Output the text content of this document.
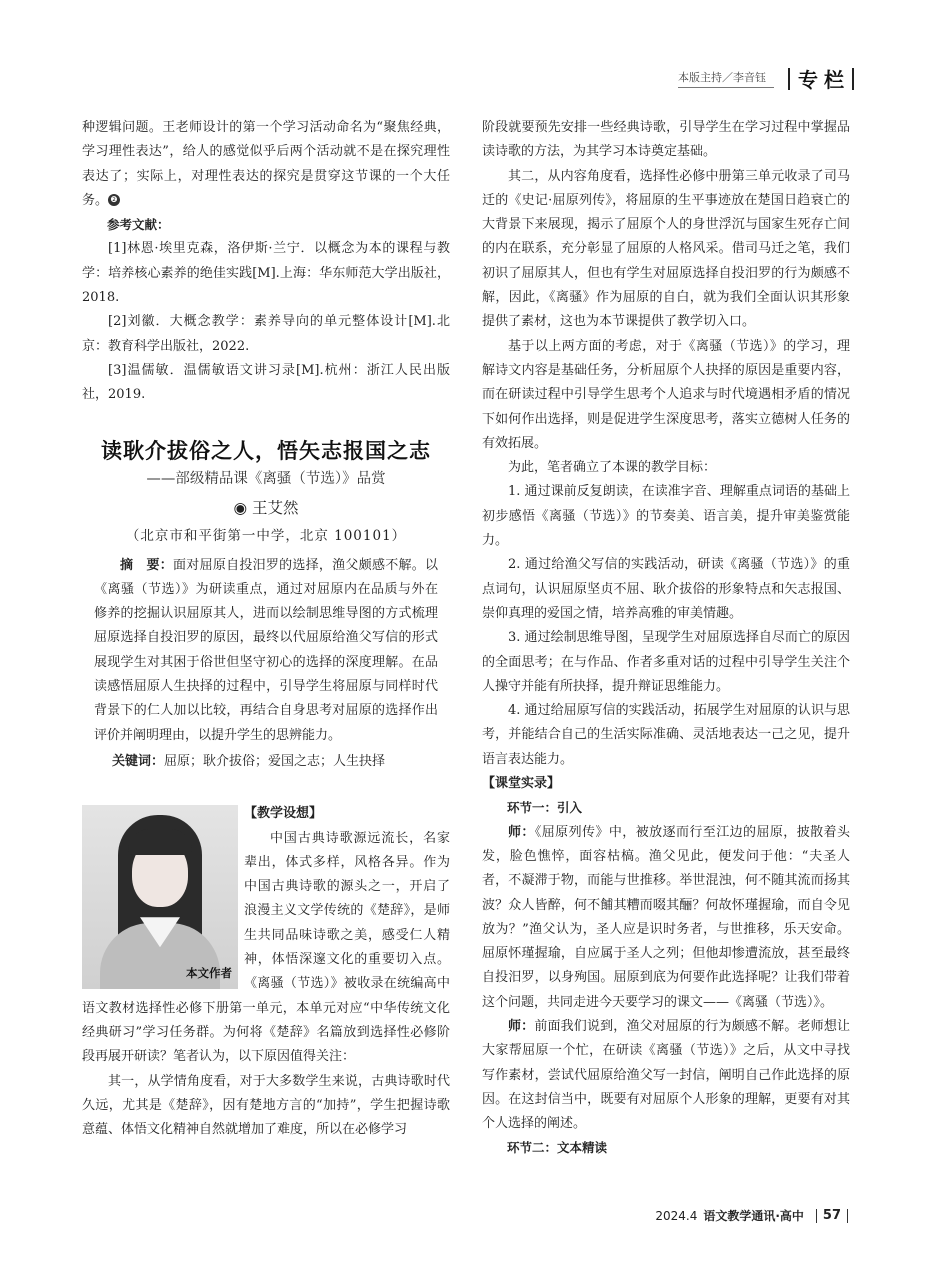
本版主持／李音钰	专栏

种逻辑问题。王老师设计的第一个学习活动命名为“聚焦经典，学习理性表达”，给人的感觉似乎后两个活动就不是在探究理性表达了；实际上，对理性表达的探究是贯穿这节课的一个大任务。 ❷

参考文献：

[1]林恩·埃里克森，洛伊斯·兰宁．以概念为本的课程与教学：培养核心素养的绝佳实践[M].上海：华东师范大学出版社，2018.

[2]刘徽．大概念教学：素养导向的单元整体设计[M].北京：教育科学出版社，2022.

[3]温儒敏．温儒敏语文讲习录[M].杭州：浙江人民出版社，2019.

读耿介拔俗之人，悟矢志报国之志
——部级精品课《离骚（节选）》品赏
◉ 王艾然
（北京市和平街第一中学，北京 100101）

摘　要：面对屈原自投汨罗的选择，渔父颇感不解。以《离骚（节选）》为研读重点，通过对屈原内在品质与外在修养的挖掘认识屈原其人，进而以绘制思维导图的方式梳理屈原选择自投汨罗的原因，最终以代屈原给渔父写信的形式展现学生对其困于俗世但坚守初心的选择的深度理解。在品读感悟屈原人生抉择的过程中，引导学生将屈原与同样时代背景下的仁人加以比较，再结合自身思考对屈原的选择作出评价并阐明理由，以提升学生的思辨能力。

关键词：屈原；耿介拔俗；爱国之志；人生抉择

本文作者

【教学设想】

中国古典诗歌源远流长，名家辈出，体式多样，风格各异。作为中国古典诗歌的源头之一，开启了浪漫主义文学传统的《楚辞》，是师生共同品味诗歌之美，感受仁人精神，体悟深邃文化的重要切入点。《离骚（节选）》被收录在统编高中语文教材选择性必修下册第一单元，本单元对应“中华传统文化经典研习”学习任务群。为何将《楚辞》名篇放到选择性必修阶段再展开研读？笔者认为，以下原因值得关注：

其一，从学情角度看，对于大多数学生来说，古典诗歌时代久远，尤其是《楚辞》，因有楚地方言的“加持”，学生把握诗歌意蕴、体悟文化精神自然就增加了难度，所以在必修学习

阶段就要预先安排一些经典诗歌，引导学生在学习过程中掌握品读诗歌的方法，为其学习本诗奠定基础。

其二，从内容角度看，选择性必修中册第三单元收录了司马迁的《史记·屈原列传》，将屈原的生平事迹放在楚国日趋衰亡的大背景下来展现，揭示了屈原个人的身世浮沉与国家生死存亡间的内在联系，充分彰显了屈原的人格风采。借司马迁之笔，我们初识了屈原其人，但也有学生对屈原选择自投汨罗的行为颇感不解，因此，《离骚》作为屈原的自白，就为我们全面认识其形象提供了素材，这也为本节课提供了教学切入口。

基于以上两方面的考虑，对于《离骚（节选）》的学习，理解诗文内容是基础任务，分析屈原个人抉择的原因是重要内容，而在研读过程中引导学生思考个人追求与时代境遇相矛盾的情况下如何作出选择，则是促进学生深度思考，落实立德树人任务的有效拓展。

为此，笔者确立了本课的教学目标：

1. 通过课前反复朗读，在读准字音、理解重点词语的基础上初步感悟《离骚（节选）》的节奏美、语言美，提升审美鉴赏能力。

2. 通过给渔父写信的实践活动，研读《离骚（节选）》的重点词句，认识屈原坚贞不屈、耿介拔俗的形象特点和矢志报国、崇仰真理的爱国之情，培养高雅的审美情趣。

3. 通过绘制思维导图，呈现学生对屈原选择自尽而亡的原因的全面思考；在与作品、作者多重对话的过程中引导学生关注个人操守并能有所抉择，提升辩证思维能力。

4. 通过给屈原写信的实践活动，拓展学生对屈原的认识与思考，并能结合自己的生活实际准确、灵活地表达一己之见，提升语言表达能力。

【课堂实录】

环节一：引入

师：《屈原列传》中，被放逐而行至江边的屈原，披散着头发，脸色憔悴，面容枯槁。渔父见此，便发问于他：“夫圣人者，不凝滞于物，而能与世推移。举世混浊，何不随其流而扬其波？众人皆醉，何不餔其糟而啜其酾？何故怀瑾握瑜，而自令见放为？”渔父认为，圣人应是识时务者，与世推移，乐天安命。屈原怀瑾握瑜，自应属于圣人之列；但他却惨遭流放，甚至最终自投汨罗，以身殉国。屈原到底为何要作此选择呢？让我们带着这个问题，共同走进今天要学习的课文——《离骚（节选）》。

师：前面我们说到，渔父对屈原的行为颇感不解。老师想让大家帮屈原一个忙，在研读《离骚（节选）》之后，从文中寻找写作素材，尝试代屈原给渔父写一封信，阐明自己作此选择的原因。在这封信当中，既要有对屈原个人形象的理解，更要有对其个人选择的阐述。

环节二：文本精读

2024.4 语文教学通讯·高中 57
